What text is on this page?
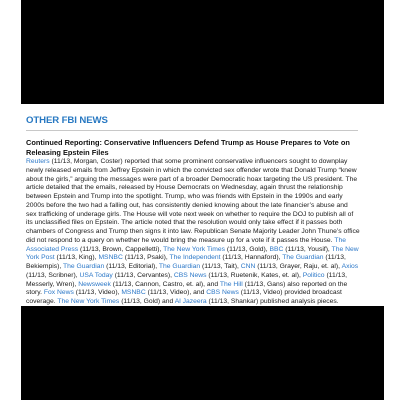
OTHER FBI NEWS
Continued Reporting: Conservative Influencers Defend Trump as House Prepares to Vote on Releasing Epstein Files
Reuters (11/13, Morgan, Coster) reported that some prominent conservative influencers sought to downplay newly released emails from Jeffrey Epstein in which the convicted sex offender wrote that Donald Trump “knew about the girls,” arguing the messages were part of a broader Democratic hoax targeting the US president. The article detailed that the emails, released by House Democrats on Wednesday, again thrust the relationship between Epstein and Trump into the spotlight. Trump, who was friends with Epstein in the 1990s and early 2000s before the two had a falling out, has consistently denied knowing about the late financier’s abuse and sex trafficking of underage girls. The House will vote next week on whether to require the DOJ to publish all of its unclassified files on Epstein. The article noted that the resolution would only take effect if it passes both chambers of Congress and Trump then signs it into law. Republican Senate Majority Leader John Thune’s office did not respond to a query on whether he would bring the measure up for a vote if it passes the House. The Associated Press (11/13, Brown, Cappelletti), The New York Times (11/13, Gold), BBC (11/13, Yousif), The New York Post (11/13, King), MSNBC (11/13, Psaki), The Independent (11/13, Hannaford), The Guardian (11/13, Bekiempis), The Guardian (11/13, Editorial), The Guardian (11/13, Tait), CNN (11/13, Grayer, Raju, et. al), Axios (11/13, Scribner), USA Today (11/13, Cervantes), CBS News (11/13, Ruetenik, Kates, et. al), Politico (11/13, Messerly, Wren), Newsweek (11/13, Cannon, Castro, et. al), and The Hill (11/13, Gans) also reported on the story. Fox News (11/13, Video), MSNBC (11/13, Video), and CBS News (11/13, Video) provided broadcast coverage. The New York Times (11/13, Gold) and Al Jazeera (11/13, Shankar) published analysis pieces.
